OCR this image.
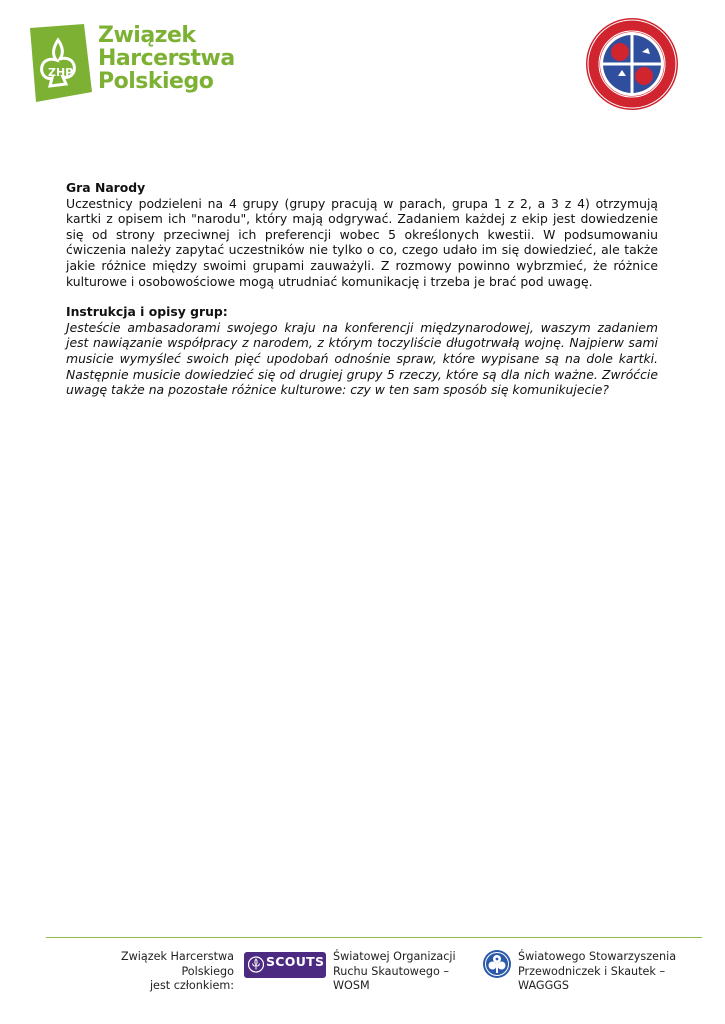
ZHP
Związek
Harcerstwa
Polskiego
Gra Narody

Uczestnicy podzieleni na 4 grupy (grupy pracują w parach, grupa 1 z 2, a 3 z 4) otrzymują kartki z opisem ich "narodu", który mają odgrywać. Zadaniem każdej z ekip jest dowiedzenie się od strony przeciwnej ich preferencji wobec 5 określonych kwestii. W podsumowaniu ćwiczenia należy zapytać uczestników nie tylko o co, czego udało im się dowiedzieć, ale także jakie różnice między swoimi grupami zauważyli. Z rozmowy powinno wybrzmieć, że różnice kulturowe i osobowościowe mogą utrudniać komunikację i trzeba je brać pod uwagę.

Instrukcja i opisy grup:

Jesteście ambasadorami swojego kraju na konferencji międzynarodowej, waszym zadaniem jest nawiązanie współpracy z narodem, z którym toczyliście długotrwałą wojnę. Najpierw sami musicie wymyśleć swoich pięć upodobań odnośnie spraw, które wypisane są na dole kartki. Następnie musicie dowiedzieć się od drugiej grupy 5 rzeczy, które są dla nich ważne. Zwróćcie uwagę także na pozostałe różnice kulturowe: czy w ten sam sposób się komunikujecie?

Związek Harcerstwa Polskiego
jest członkiem:
SCOUTS Światowej Organizacji
Ruchu Skautowego – WOSM
Światowego Stowarzyszenia
Przewodniczek i Skautek – WAGGGS
